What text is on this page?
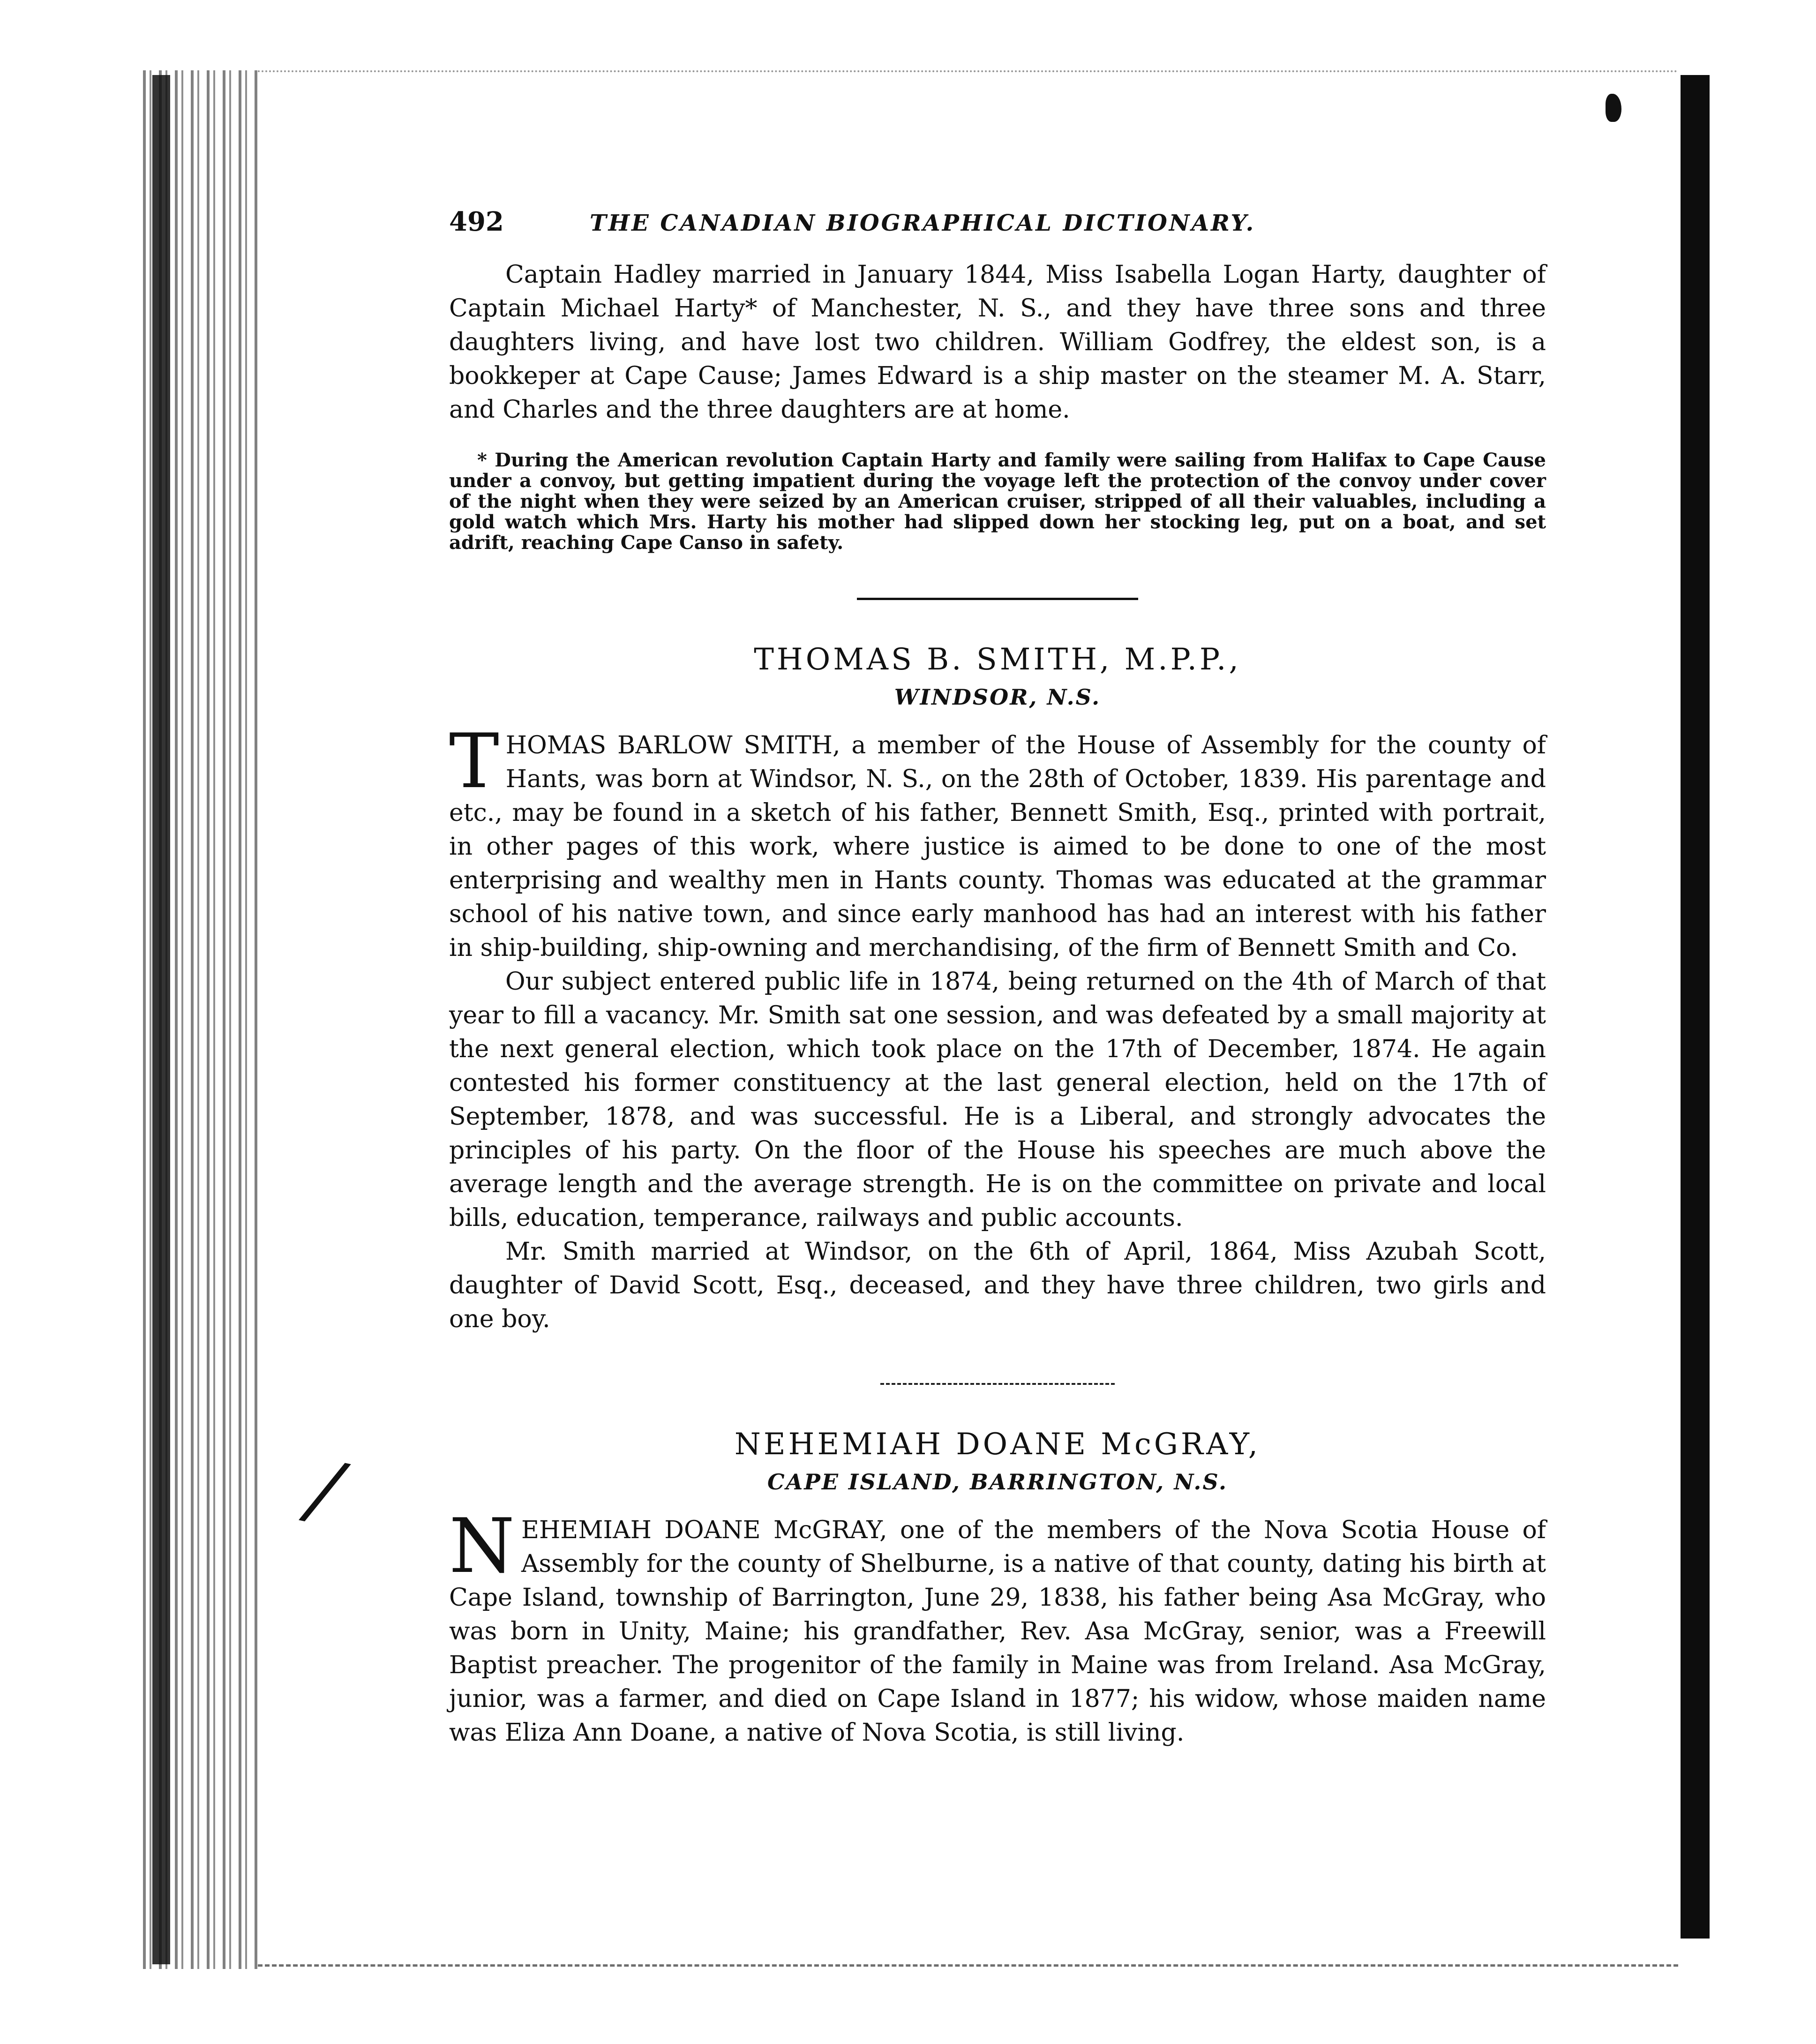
/
492	THE CANADIAN BIOGRAPHICAL DICTIONARY.

Captain Hadley married in January 1844, Miss Isabella Logan Harty, daughter of Captain Michael Harty* of Manchester, N. S., and they have three sons and three daughters living, and have lost two children. William Godfrey, the eldest son, is a bookkeper at Cape Cause; James Edward is a ship master on the steamer M. A. Starr, and Charles and the three daughters are at home.

* During the American revolution Captain Harty and family were sailing from Halifax to Cape Cause under a convoy, but getting impatient during the voyage left the protection of the convoy under cover of the night when they were seized by an American cruiser, stripped of all their valuables, including a gold watch which Mrs. Harty his mother had slipped down her stocking leg, put on a boat, and set adrift, reaching Cape Canso in safety.

THOMAS B. SMITH, M.P.P.,
WINDSOR, N.S.

T HOMAS BARLOW SMITH, a member of the House of Assembly for the county of Hants, was born at Windsor, N. S., on the 28th of October, 1839. His parentage and etc., may be found in a sketch of his father, Bennett Smith, Esq., printed with portrait, in other pages of this work, where justice is aimed to be done to one of the most enterprising and wealthy men in Hants county. Thomas was educated at the grammar school of his native town, and since early manhood has had an interest with his father in ship-building, ship-owning and merchandising, of the firm of Bennett Smith and Co.

Our subject entered public life in 1874, being returned on the 4th of March of that year to fill a vacancy. Mr. Smith sat one session, and was defeated by a small majority at the next general election, which took place on the 17th of December, 1874. He again contested his former constituency at the last general election, held on the 17th of September, 1878, and was successful. He is a Liberal, and strongly advocates the principles of his party. On the floor of the House his speeches are much above the average length and the average strength. He is on the committee on private and local bills, education, temperance, railways and public accounts.

Mr. Smith married at Windsor, on the 6th of April, 1864, Miss Azubah Scott, daughter of David Scott, Esq., deceased, and they have three children, two girls and one boy.

NEHEMIAH DOANE McGRAY,
CAPE ISLAND, BARRINGTON, N.S.

N EHEMIAH DOANE McGRAY, one of the members of the Nova Scotia House of Assembly for the county of Shelburne, is a native of that county, dating his birth at Cape Island, township of Barrington, June 29, 1838, his father being Asa McGray, who was born in Unity, Maine; his grandfather, Rev. Asa McGray, senior, was a Freewill Baptist preacher. The progenitor of the family in Maine was from Ireland. Asa McGray, junior, was a farmer, and died on Cape Island in 1877; his widow, whose maiden name was Eliza Ann Doane, a native of Nova Scotia, is still living.
